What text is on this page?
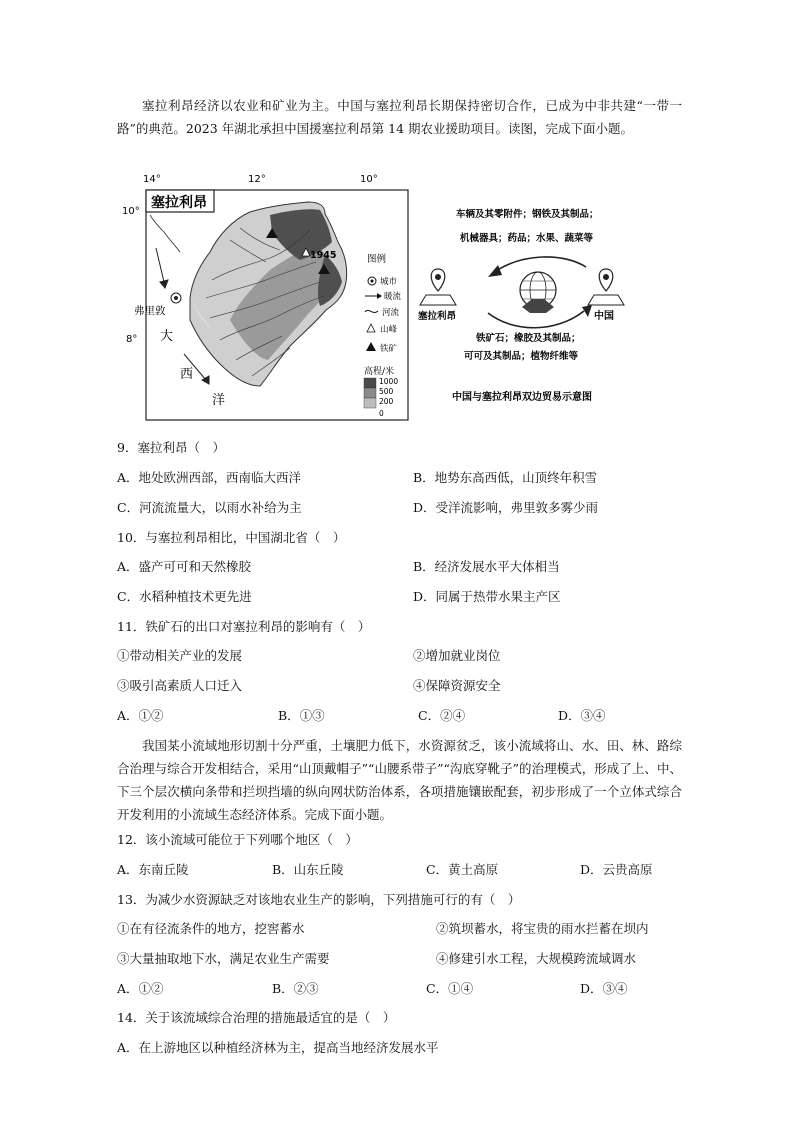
塞拉利昂经济以农业和矿业为主。中国与塞拉利昂长期保持密切合作，已成为中非共建“一带一路”的典范。2023 年湖北承担中国援塞拉利昂第 14 期农业援助项目。读图，完成下面小题。
14°	12°	10°
10°
8°
塞拉利昂
弗里敦
大
西
洋
1945	图例
城市
暖流
河流
山峰
铁矿
高程/米
1000
500
200
0
车辆及其零附件；钢铁及其制品；
机械器具；药品；水果、蔬菜等
塞拉利昂	中国
铁矿石；橡胶及其制品；
可可及其制品；植物纤维等
中国与塞拉利昂双边贸易示意图
9．塞拉利昂（　）
A．地处欧洲西部，西南临大西洋	B．地势东高西低，山顶终年积雪
C．河流流量大，以雨水补给为主	D．受洋流影响，弗里敦多雾少雨
10．与塞拉利昂相比，中国湖北省（　）
A．盛产可可和天然橡胶	B．经济发展水平大体相当
C．水稻种植技术更先进	D．同属于热带水果主产区
11．铁矿石的出口对塞拉利昂的影响有（　）
①带动相关产业的发展	②增加就业岗位
③吸引高素质人口迁入	④保障资源安全
A．①②	B．①③	C．②④	D．③④
我国某小流域地形切割十分严重，土壤肥力低下，水资源贫乏，该小流域将山、水、田、林、路综合治理与综合开发相结合，采用“山顶戴帽子”“山腰系带子”“沟底穿靴子”的治理模式，形成了上、中、下三个层次横向条带和拦坝挡墙的纵向网状防治体系，各项措施镶嵌配套，初步形成了一个立体式综合开发利用的小流域生态经济体系。完成下面小题。
12．该小流域可能位于下列哪个地区（　）
A．东南丘陵	B．山东丘陵	C．黄土高原	D．云贵高原
13．为减少水资源缺乏对该地农业生产的影响，下列措施可行的有（　）
①在有径流条件的地方，挖窖蓄水	②筑坝蓄水，将宝贵的雨水拦蓄在坝内
③大量抽取地下水，满足农业生产需要	④修建引水工程，大规模跨流域调水
A．①②	B．②③	C．①④	D．③④
14．关于该流域综合治理的措施最适宜的是（　）
A．在上游地区以种植经济林为主，提高当地经济发展水平
